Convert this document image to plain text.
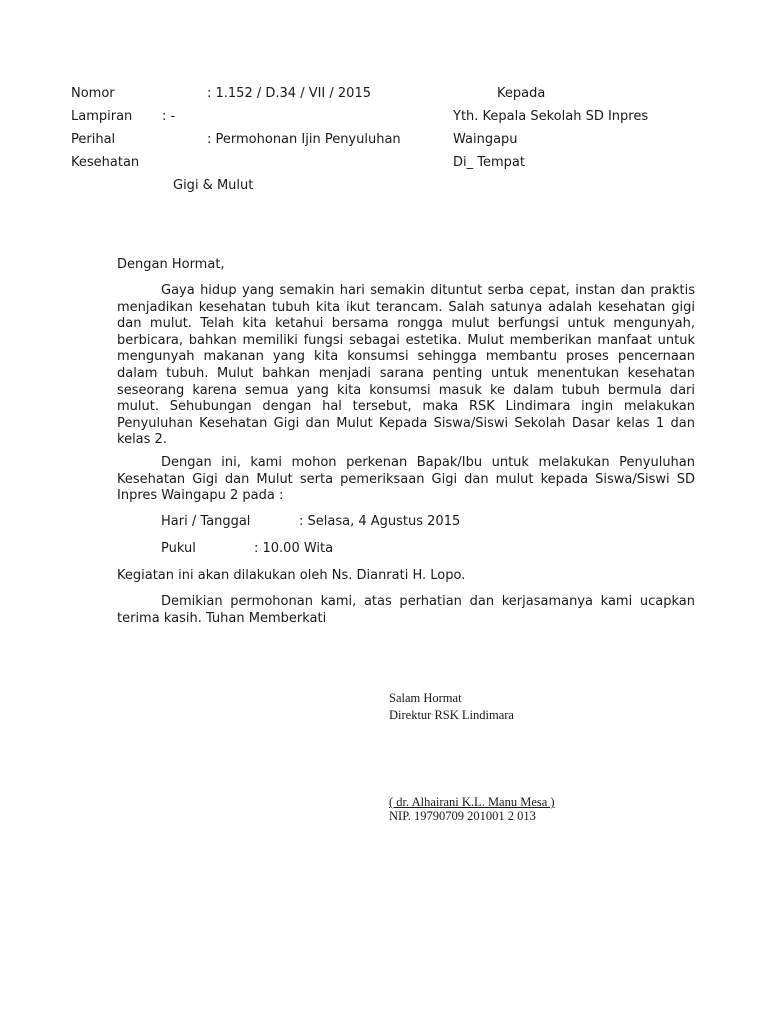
Nomor	: 1.152 / D.34 / VII / 2015
Lampiran : -
Perihal	: Permohonan Ijin Penyuluhan
Kesehatan
Gigi & Mulut
Kepada
Yth. Kepala Sekolah SD Inpres
Waingapu
Di_ Tempat
Dengan Hormat,

Gaya hidup yang semakin hari semakin dituntut serba cepat, instan dan praktis menjadikan kesehatan tubuh kita ikut terancam. Salah satunya adalah kesehatan gigi dan mulut. Telah kita ketahui bersama rongga mulut berfungsi untuk mengunyah, berbicara, bahkan memiliki fungsi sebagai estetika. Mulut memberikan manfaat untuk mengunyah makanan yang kita konsumsi sehingga membantu proses pencernaan dalam tubuh. Mulut bahkan menjadi sarana penting untuk menentukan kesehatan seseorang karena semua yang kita konsumsi masuk ke dalam tubuh bermula dari mulut. Sehubungan dengan hal tersebut, maka RSK Lindimara ingin melakukan Penyuluhan Kesehatan Gigi dan Mulut Kepada Siswa/Siswi Sekolah Dasar kelas 1 dan kelas 2.

Dengan ini, kami mohon perkenan Bapak/Ibu untuk melakukan Penyuluhan Kesehatan Gigi dan Mulut serta pemeriksaan Gigi dan mulut kepada Siswa/Siswi SD Inpres Waingapu 2 pada :

Hari / Tanggal	: Selasa, 4 Agustus 2015
Pukul	: 10.00 Wita
Kegiatan ini akan dilakukan oleh Ns. Dianrati H. Lopo.

Demikian permohonan kami, atas perhatian dan kerjasamanya kami ucapkan terima kasih. Tuhan Memberkati

Salam Hormat
Direktur RSK Lindimara
( dr. Alhairani K.L. Manu Mesa )
NIP. 19790709 201001 2 013
